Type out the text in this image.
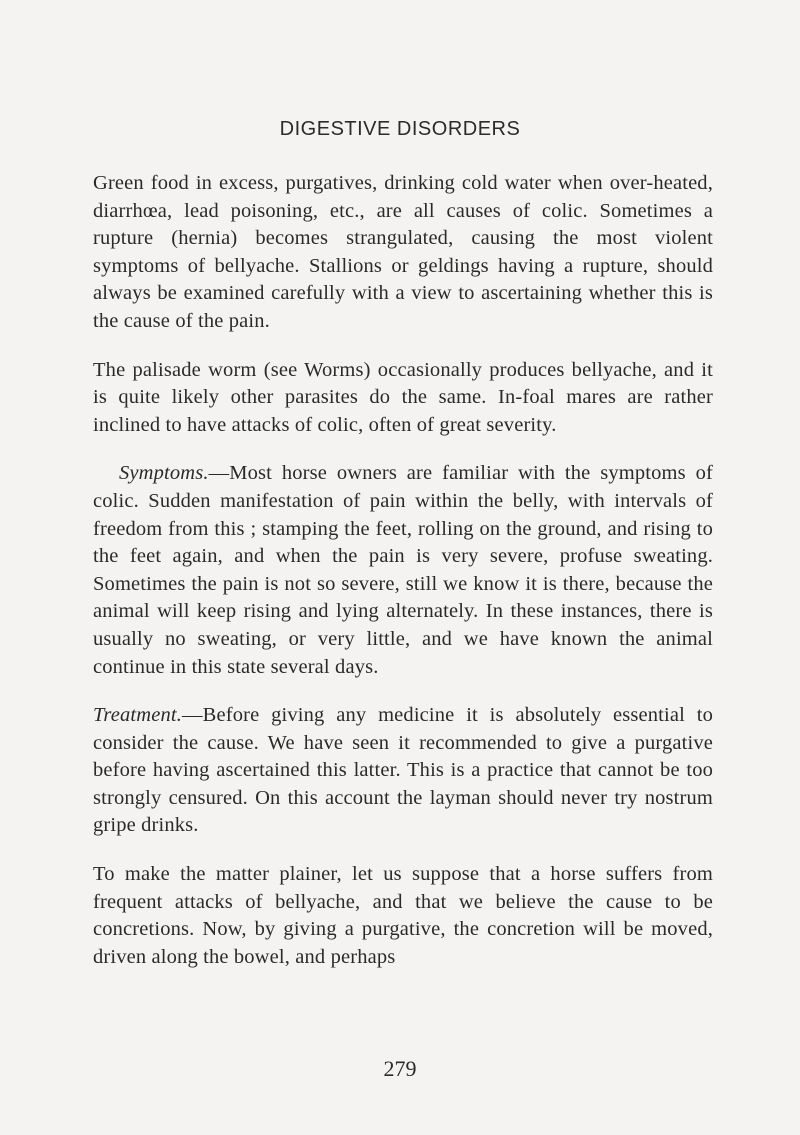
DIGESTIVE DISORDERS

Green food in excess, purgatives, drinking cold water when over-heated, diarrhœa, lead poisoning, etc., are all causes of colic. Sometimes a rupture (hernia) becomes strangulated, causing the most violent symptoms of bellyache. Stallions or geldings having a rupture, should always be examined carefully with a view to ascertaining whether this is the cause of the pain.

The palisade worm (see Worms) occasionally produces bellyache, and it is quite likely other parasites do the same. In-foal mares are rather inclined to have attacks of colic, often of great severity.

Symptoms.—Most horse owners are familiar with the symptoms of colic. Sudden manifestation of pain within the belly, with intervals of freedom from this ; stamping the feet, rolling on the ground, and rising to the feet again, and when the pain is very severe, profuse sweating. Sometimes the pain is not so severe, still we know it is there, because the animal will keep rising and lying alternately. In these instances, there is usually no sweating, or very little, and we have known the animal continue in this state several days.

Treatment.—Before giving any medicine it is absolutely essential to consider the cause. We have seen it recommended to give a purgative before having ascertained this latter. This is a practice that cannot be too strongly censured. On this account the layman should never try nostrum gripe drinks.

To make the matter plainer, let us suppose that a horse suffers from frequent attacks of bellyache, and that we believe the cause to be concretions. Now, by giving a purgative, the concretion will be moved, driven along the bowel, and perhaps

279
